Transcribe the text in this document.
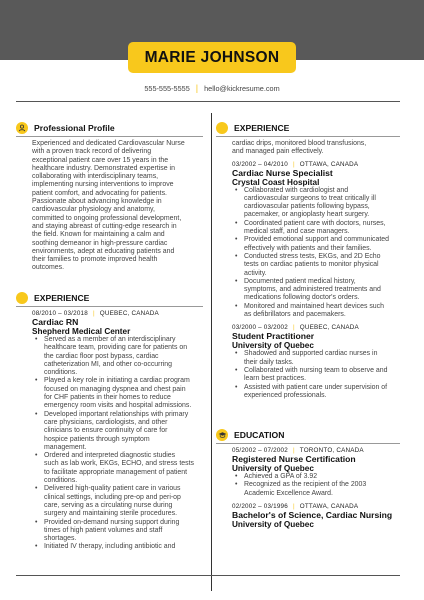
MARIE JOHNSON
555-555-5555 | hello@kickresume.com
Professional Profile
Experienced and dedicated Cardiovascular Nurse
with a proven track record of delivering
exceptional patient care over 15 years in the
healthcare industry. Demonstrated expertise in
collaborating with interdisciplinary teams,
implementing nursing interventions to improve
patient comfort, and advocating for patients.
Passionate about advancing knowledge in
cardiovascular physiology and anatomy,
committed to ongoing professional development,
and staying abreast of cutting-edge research in
the field. Known for maintaining a calm and
soothing demeanor in high-pressure cardiac
environments, adept at educating patients and
their families to promote improved health
outcomes.
EXPERIENCE
08/2010 – 03/2018 | QUEBEC, CANADA
Cardiac RN
Shepherd Medical Center
• Served as a member of an interdisciplinary
healthcare team, providing care for patients on
the cardiac floor post bypass, cardiac
catheterization MI, and other co-occurring
conditions.
• Played a key role in initiating a cardiac program
focused on managing dyspnea and chest pain
for CHF patients in their homes to reduce
emergency room visits and hospital admissions.
• Developed important relationships with primary
care physicians, cardiologists, and other
clinicians to ensure continuity of care for
hospice patients through symptom
management.
• Ordered and interpreted diagnostic studies
such as lab work, EKGs, ECHO, and stress tests
to facilitate appropriate management of patient
conditions.
• Delivered high-quality patient care in various
clinical settings, including pre-op and peri-op
care, serving as a circulating nurse during
surgery and maintaining sterile procedures.
• Provided on-demand nursing support during
times of high patient volumes and staff
shortages.
• Initiated IV therapy, including antibiotic and
EXPERIENCE
cardiac drips, monitored blood transfusions,
and managed pain effectively.
03/2002 – 04/2010 | OTTAWA, CANADA
Cardiac Nurse Specialist
Crystal Coast Hospital
• Collaborated with cardiologist and
cardiovascular surgeons to treat critically ill
cardiovascular patients following bypass,
pacemaker, or angioplasty heart surgery.
• Coordinated patient care with doctors, nurses,
medical staff, and case managers.
• Provided emotional support and communicated
effectively with patients and their families.
• Conducted stress tests, EKGs, and 2D Echo
tests on cardiac patients to monitor physical
activity.
• Documented patient medical history,
symptoms, and administered treatments and
medications following doctor's orders.
• Monitored and maintained heart devices such
as defibrillators and pacemakers.
03/2000 – 03/2002 | QUEBEC, CANADA
Student Practitioner
University of Quebec
• Shadowed and supported cardiac nurses in
their daily tasks.
• Collaborated with nursing team to observe and
learn best practices.
• Assisted with patient care under supervision of
experienced professionals.
EDUCATION
05/2002 – 07/2002 | TORONTO, CANADA
Registered Nurse Certification
University of Quebec
• Achieved a GPA of 3.92
• Recognized as the recipient of the 2003
Academic Excellence Award.
02/2002 – 03/1996 | OTTAWA, CANADA
Bachelor's of Science, Cardiac Nursing
University of Quebec
